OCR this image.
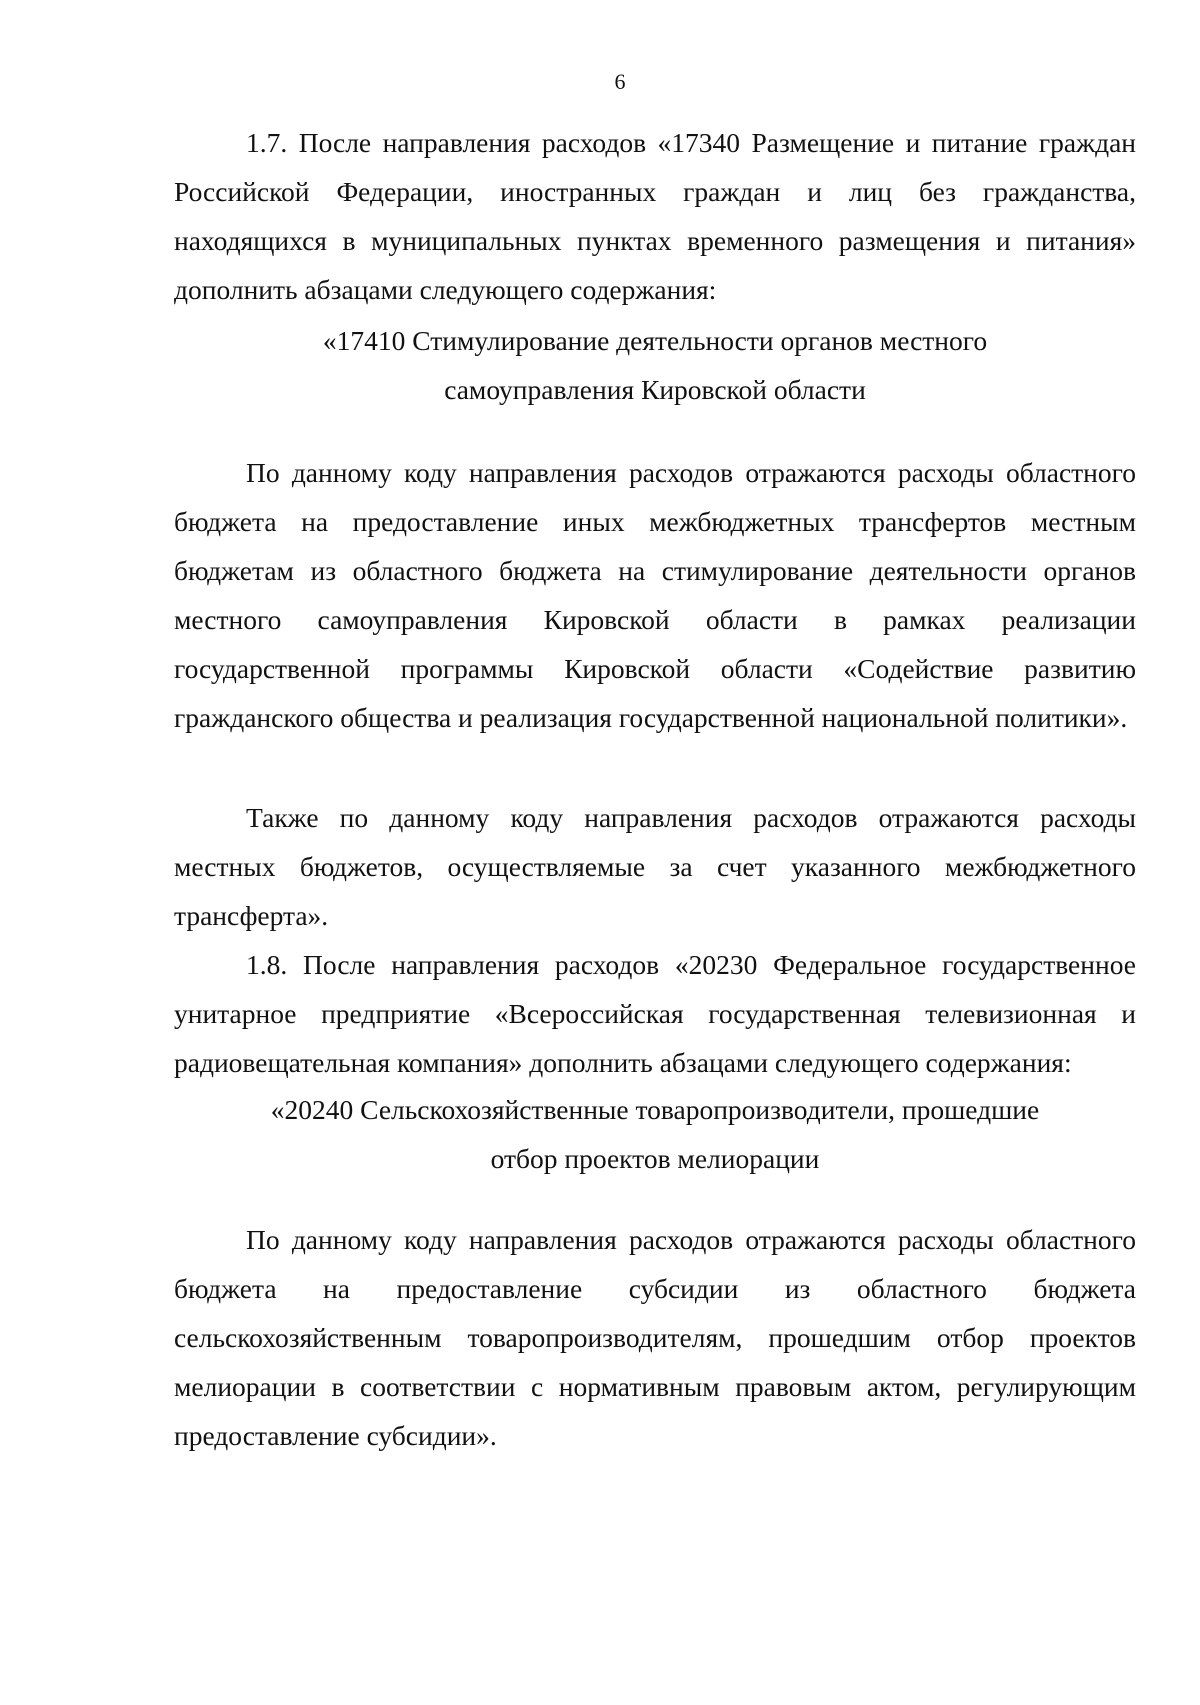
6

1.7. После направления расходов «17340 Размещение и питание граждан Российской Федерации, иностранных граждан и лиц без гражданства, находящихся в муниципальных пунктах временного размещения и питания» дополнить абзацами следующего содержания:

«17410 Стимулирование деятельности органов местного
самоуправления Кировской области

По данному коду направления расходов отражаются расходы областного бюджета на предоставление иных межбюджетных трансфертов местным бюджетам из областного бюджета на стимулирование деятельности органов местного самоуправления Кировской области в рамках реализации государственной программы Кировской области «Содействие развитию гражданского общества и реализация государственной национальной политики».

Также по данному коду направления расходов отражаются расходы местных бюджетов, осуществляемые за счет указанного межбюджетного трансферта».

1.8. После направления расходов «20230 Федеральное государственное унитарное предприятие «Всероссийская государственная телевизионная и радиовещательная компания» дополнить абзацами следующего содержания:

«20240 Сельскохозяйственные товаропроизводители, прошедшие
отбор проектов мелиорации

По данному коду направления расходов отражаются расходы областного бюджета на предоставление субсидии из областного бюджета сельскохозяйственным товаропроизводителям, прошедшим отбор проектов мелиорации в соответствии с нормативным правовым актом, регулирующим предоставление субсидии».
